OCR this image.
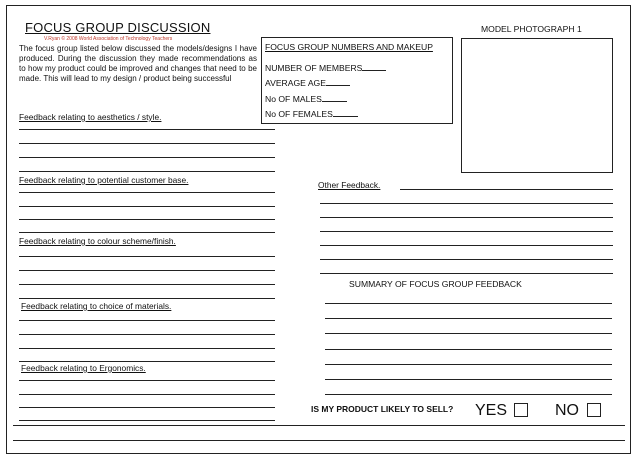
FOCUS GROUP DISCUSSION
V.Ryan © 2008 World Association of Technology Teachers
The focus group listed below discussed the models/designs I have produced. During the discussion they made recommendations as to how my product could be improved and changes that need to be made. This will lead to my design / product being successful
FOCUS GROUP NUMBERS AND MAKEUP
NUMBER OF MEMBERS
AVERAGE AGE
No OF MALES
No OF FEMALES
MODEL PHOTOGRAPH 1
Feedback relating to aesthetics / style.
Feedback relating to potential customer base.
Feedback relating to colour scheme/finish.
Feedback relating to choice of materials.
Feedback relating to Ergonomics.
Other Feedback.
SUMMARY OF FOCUS GROUP FEEDBACK
IS MY PRODUCT LIKELY TO SELL? YES	NO
